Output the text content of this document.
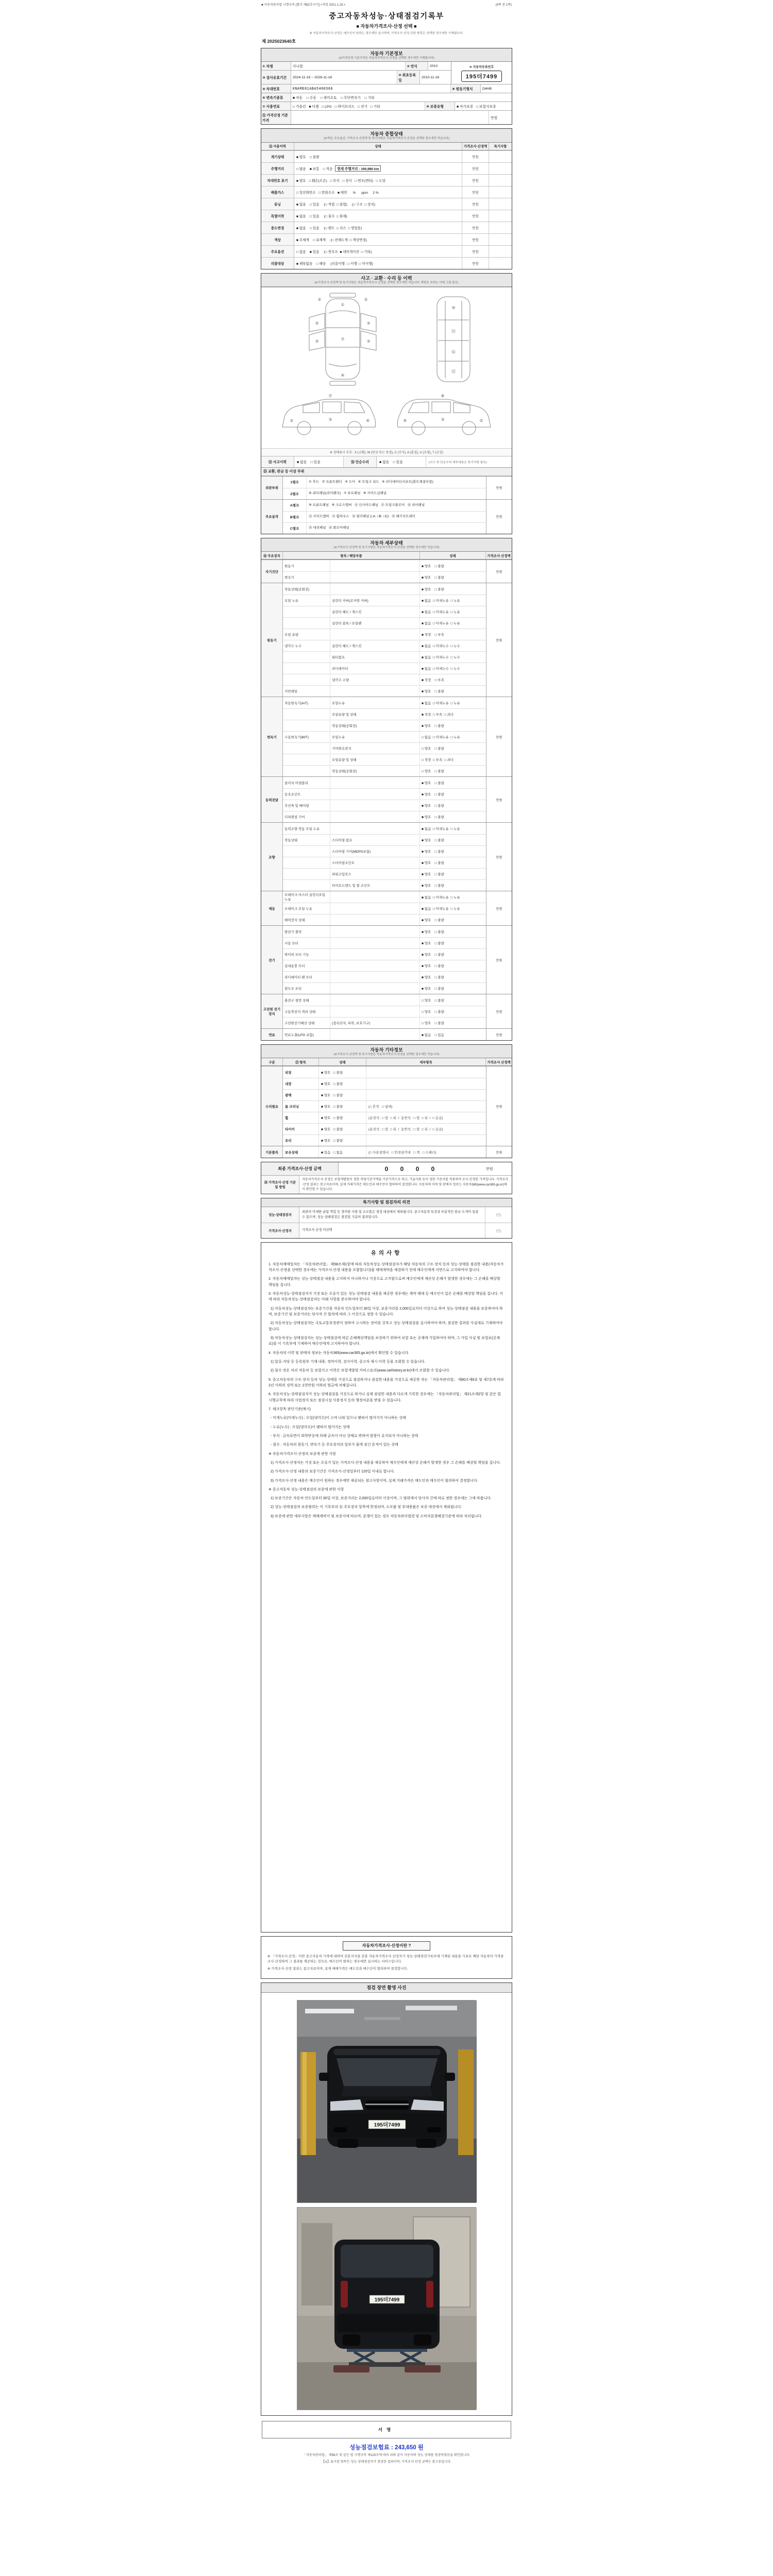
■ 자동차관리법 시행규칙 [별지 제82호서식] <개정 2021.1.19.>	(4쪽 중 1쪽)
중고자동차성능·상태점검기록부
■ 자동차가격조사·산정 선택 ■
※ 자동차가격조사·산정은 매수인이 원하는 경우에만 실시하며, 가격조사·산정 관련 항목은 선택한 경우에만 기재됩니다.
제 2025023640호
자동차 기본정보
(※가격산정 기준가격은 자동차가격조사·산정을 선택한 경우에만 기재합니다)
① 차명	카니발	② 연식	2010
③ 검사유효기간	2024-11-16 ~ 2026-11-16	④ 최초등록일
2010-11-16
⑩ 자동차등록번호
195더7499
⑤ 차대번호	KNAME81ABA5400366	⑧ 원동기형식	D4HB
⑥ 변속기종류	■ 자동    □ 수동    □ 세미오토    □ 무단변속기    □ 기타
⑦ 사용연료	□ 가솔린   ■ 디젤   □ LPG   □ 하이브리드   □ 전기   □ 기타	⑨ 보증유형	■ 자가보증   □ 보험사보증
⑪ 가격산정 기준가격
만원
자동차 종합상태
(※색상, 주요옵션, 가격조사·산정액 및 특기사항은 자동차가격조사·산정을 선택한 경우에만 적습니다)
⑫ 사용이력	상태	가격조사·산정액	특기사항
계기상태	■ 양호    □ 불량	만원
주행거리	□ 많음    ■ 보통    □ 적음	현재 주행거리 : 190,980 km	만원
차대번호 표기	■ 양호   □ 훼손(오손)   □ 부식   □ 상이   □ 변조(변타)   □ 도말	만원
배출가스	□ 일산화탄소   □ 탄화수소   ■ 매연      %      ppm     2 %	만원
튜닝	■ 없음    □ 있음     (□ 적법  □ 불법)     (□ 구조  □ 장치)	만원
특별이력	■ 없음    □ 있음     (□ 침수  □ 화재)	만원
용도변경	■ 없음    □ 있음     (□ 렌트  □ 리스  □ 영업용)	만원
색상	■ 무채색    □ 유채색     (□ 전체도색  □ 색상변경)	만원
주요옵션	□ 없음    ■ 있음     (□ 썬루프  ■ 네비게이션  □ 기타)	만원
리콜대상	■ 해당없음    □ 해당     (리콜이행 : □ 이행  □ 미이행)	만원
사고 · 교환 · 수리 등 이력
(※가격조사·산정액 및 특기사항은 자동차가격조사·산정을 선택한 경우에만 적습니다. 쪽번호 부위는 아래 그림 참조)
①
⑦
④
③	③
③	③
②	②
⑩
⑫
⑯
⑮
②	③	⑥
⑦
②
③
⑥
⑧
※ 상태표시 부호 : X (교환), W (판금 또는 용접), C (부식), A (흠집), U (요철), T (손상)
⑬ 사고이력	■ 없음    □ 있음	⑭ 단순수리	■ 없음    □ 있음	(사고 및 단순수리 세부내용은 특기사항 참조)
⑮ 교환, 판금 등 이상 부위
외판부위
1랭크	① 후드   ② 프론트펜더   ③ 도어   ④ 트렁크 리드   ⑤ 라디에이터서포트(볼트체결부품)
2랭크	⑥ 쿼터패널(리어펜더)   ⑦ 루프패널   ⑧ 사이드실패널
만원
주요골격
A랭크	⑨ 프론트패널   ⑩ 크로스멤버   ⑪ 인사이드패널   ⑰ 트렁크플로어   ⑱ 리어패널
B랭크	⑫ 사이드멤버   ⑬ 휠하우스   ⑭ 필러패널 (□A  □B  □C)   ⑲ 패키지트레이
C랭크	⑮ 대쉬패널   ⑯ 플로어패널
만원
자동차 세부상태
(※가격조사·산정액 및 특기사항은 자동차가격조사·산정을 선택한 경우에만 적습니다)
⑯ 주요장치	항목 / 해당부품	상태	가격조사·산정액
자기진단
원동기	■ 양호    □ 불량
변속기	■ 양호    □ 불량
만원
원동기
작동상태(공회전)	■ 양호    □ 불량
오일 누유	실린더 커버(로커암 커버)	■ 없음  □ 미세누유  □ 누유
실린더 헤드 / 개스킷	■ 없음  □ 미세누유  □ 누유
실린더 블록 / 오일팬	■ 없음  □ 미세누유  □ 누유
오일 유량	■ 적정    □ 부족
냉각수 누수	실린더 헤드 / 개스킷	■ 없음  □ 미세누수  □ 누수
워터펌프	■ 없음  □ 미세누수  □ 누수
라디에이터	■ 없음  □ 미세누수  □ 누수
냉각수 수량	■ 적정    □ 부족
커먼레일	■ 양호    □ 불량
만원
변속기
자동변속기(A/T)	오일누유	■ 없음  □ 미세누유  □ 누유
오일유량 및 상태	■ 적정  □ 부족  □ 과다
작동상태(공회전)	■ 양호    □ 불량
수동변속기(M/T)	오일누유	□ 없음  □ 미세누유  □ 누유
기어변속장치	□ 양호    □ 불량
오일유량 및 상태	□ 적정  □ 부족  □ 과다
작동상태(공회전)	□ 양호    □ 불량
만원
동력전달
클러치 어셈블리	■ 양호    □ 불량
등속조인트	■ 양호    □ 불량
추진축 및 베어링	■ 양호    □ 불량
디퍼렌셜 기어	■ 양호    □ 불량
만원
조향
동력조향 작동 오일 누유	■ 없음  □ 미세누유  □ 누유
작동상태	스티어링 펌프	■ 양호    □ 불량
스티어링 기어(MDPS포함)	■ 양호    □ 불량
스티어링조인트	■ 양호    □ 불량
파워고압호스	■ 양호    □ 불량
타이로드엔드 및 볼 조인트	■ 양호    □ 불량
만원
제동
브레이크 마스터 실린더오일 누유
■ 없음  □ 미세누유  □ 누유
브레이크 오일 누유	■ 없음  □ 미세누유  □ 누유
배력장치 상태	■ 양호    □ 불량
만원
전기
발전기 출력	■ 양호    □ 불량
시동 모터	■ 양호    □ 불량
와이퍼 모터 기능	■ 양호    □ 불량
실내송풍 모터	■ 양호    □ 불량
라디에이터 팬 모터	■ 양호    □ 불량
윈도우 모터	■ 양호    □ 불량
만원
고전원 전기장치
충전구 절연 상태	□ 양호    □ 불량
구동축전지 격리 상태	□ 양호    □ 불량
고전원전기배선 상태	(접속단자, 피복, 보호기구)	□ 양호    □ 불량
만원
연료	연료누출(LPG 포함)	■ 없음    □ 있음	만원
자동차 기타정보
(※가격조사·산정액 및 특기사항은 자동차가격조사·산정을 선택한 경우에만 적습니다)
구분	⑰ 항목	상태	세부항목	가격조사·산정액
수리필요
외장	■ 양호   □ 불량
내장	■ 양호   □ 불량
광택	■ 양호   □ 불량
룸 크리닝	■ 양호   □ 불량	(□ 흔적   □ 냄새)
휠	■ 양호   □ 불량	(운전석 : □ 앞  □ 뒤  /  동반석 : □ 앞  □ 뒤  /  □ 응급)
타이어	■ 양호   □ 불량	(운전석 : □ 앞  □ 뒤  /  동반석 : □ 앞  □ 뒤  /  □ 응급)
유리	■ 양호   □ 불량
만원
기본품목	보유상태	■ 있음   □ 없음	(□ 사용설명서   □ 안전삼각대   □ 잭   □ 스패너)	만원
최종 가격조사·산정 금액	0 0 0 0	만원
⑱ 가격조사·산정 기준 및 방법
자동차가격조사·산정은 보험개발원이 정한 차량기준가액을 기준가격으로 하고, 기술사회 등이 정한 기준서를 적용하여 조사·산정한 가격입니다. 가격조사·산정 결과는 참고자료이며, 실제 거래가격은 매도인과 매수인이 협의하여 결정합니다. 자동차의 이력 및 판매자 정보는 자동차365(www.car365.go.kr)에서 확인할 수 있습니다.
특기사항 및 점검자의 의견
성능·상태점검자
외판의 미세한 긁힘·찍힘 등 경미한 사항 및 소모품은 점검 대상에서 제외됩니다. 중고자동차 특성상 부분적인 판금·도색이 있을 수 있으며, 성능·상태점검은 점검일 기준의 결과입니다.	(인)
가격조사·산정자	가격조사·산정 미선택	(인)
유의사항
1. 자동차매매업자는 「자동차관리법」 제58조제1항에 따라 자동차성능·상태점검자가 해당 자동차의 구조·장치 등의 성능·상태를 점검한 내용(자동차가격조사·산정을 선택한 경우에는 가격조사·산정 내용을 포함합니다)을 매매계약을 체결하기 전에 매수인에게 서면으로 고지하여야 합니다.
2. 자동차매매업자는 성능·상태점검 내용을 고지하지 아니하거나 거짓으로 고지함으로써 매수인에게 재산상 손해가 발생한 경우에는 그 손해를 배상할 책임을 집니다.
3. 자동차성능·상태점검자가 거짓 또는 오류가 있는 성능·상태점검 내용을 제공한 경우에는 계약 해제 등 매수인이 입은 손해를 배상할 책임을 집니다. 이에 따라 자동차성능·상태점검자는 아래 사항을 준수하여야 합니다.
1) 자동차성능·상태점검자는 보증기간을 자동차 인도일부터 30일 이상, 보증거리를 2,000킬로미터 이상으로 하여 성능·상태점검 내용을 보증하여야 하며, 보증기간 및 보증거리는 당사자 간 합의에 따라 그 이상으로 정할 수 있습니다.
2) 자동차성능·상태점검자는 국토교통부장관이 정하여 고시하는 장비를 갖추고 성능·상태점검을 실시하여야 하며, 점검한 결과를 사실대로 기재하여야 합니다.
3) 자동차성능·상태점검자는 성능·상태점검에 따른 손해배상책임을 보장하기 위하여 보험 또는 공제에 가입하여야 하며, 그 가입 사실 및 보험료(공제료)를 이 기록부에 기재하여 매수인에게 고지하여야 합니다.
4. 자동차의 이력 및 판매자 정보는 자동차365(www.car365.go.kr)에서 확인할 수 있습니다.
1) 압류·저당 등 등록원부 기재 내용, 정비이력, 검사이력, 중고차 제시 이력 등을 조회할 수 있습니다.
2) 침수 전손 처리 자동차 등 보험사고 이력은 보험개발원 카히스토리(www.carhistory.or.kr)에서 조회할 수 있습니다.
5. 중고자동차의 구조·장치 등의 성능·상태를 거짓으로 점검하거나 점검한 내용을 거짓으로 제공한 자는 「자동차관리법」 제80조제6호 및 제7호에 따라 2년 이하의 징역 또는 2천만원 이하의 벌금에 처해집니다.
6. 자동차성능·상태점검자가 성능·상태점검을 거짓으로 하거나 실제 점검한 내용과 다르게 기록한 경우에는 「자동차관리법」 제21조제2항 및 같은 법 시행규칙에 따라 사업정지 또는 점검시설 사용정지 등의 행정처분을 받을 수 있습니다.
7. 체크항목 판단기준(예시)
- 미세누유(미세누수) : 오일(냉각수)이 스며 나와 있으나 맺혀서 떨어지지 아니하는 상태
- 누유(누수) : 오일(냉각수)이 맺혀서 떨어지는 상태
- 부식 : 금속표면이 화학반응에 의해 금속이 아닌 상태로 변하여 원형이 유지되지 아니하는 상태
- 침수 : 자동차의 원동기, 변속기 등 주요장치의 일부가 물에 잠긴 흔적이 있는 상태
※ 자동차가격조사·산정의 보증에 관한 사항
1) 가격조사·산정자는 거짓 또는 오류가 있는 가격조사·산정 내용을 제공하여 매수인에게 재산상 손해가 발생한 경우 그 손해를 배상할 책임을 집니다.
2) 가격조사·산정 내용의 보증기간은 가격조사·산정일부터 120일 이내로 합니다.
3) 가격조사·산정 내용은 매수인이 원하는 경우에만 제공되는 참고사항이며, 실제 거래가격은 매도인과 매수인이 협의하여 결정합니다.
※ 중고자동차 성능·상태점검의 보증에 관한 사항
1) 보증기간은 자동차 인도일부터 30일 이상, 보증거리는 2,000킬로미터 이상이며, 그 범위에서 당사자 간에 따로 정한 경우에는 그에 따릅니다.
2) 성능·상태점검의 보증범위는 이 기록부의 ⑯ 주요장치 항목에 한정되며, 소모품 및 부대용품은 보증 대상에서 제외됩니다.
3) 보증에 관한 세부사항은 매매계약서 및 보증서에 따르며, 분쟁이 있는 경우 자동차관리법령 및 소비자분쟁해결기준에 따라 처리됩니다.
자동차가격조사·산정이란 ?
※ 「가격조사·산정」이란 중고자동차 가격에 대하여 전문지식을 갖춘 자동차가격조사·산정자가 성능·상태점검기록부에 기재된 내용을 기초로 해당 자동차의 가격을 조사·산정하여 그 결과를 제공하는 것으로, 매수인이 원하는 경우에만 실시하는 서비스입니다.
※ 가격조사·산정 결과는 참고자료이며, 실제 매매가격은 매도인과 매수인이 협의하여 결정합니다.
점검 장면 촬영 사진
195더7499
195더7499
서명
성능점검보험료 : 243,650 원
「자동차관리법」 제58조 및 같은 법 시행규칙 제120조에 따라 위와 같이 자동차의 성능·상태를 점검하였음을 확인합니다.
【∨】표시된 항목은 성능·상태점검자가 점검한 결과이며, 가격조사·산정 금액은 참고용입니다.
